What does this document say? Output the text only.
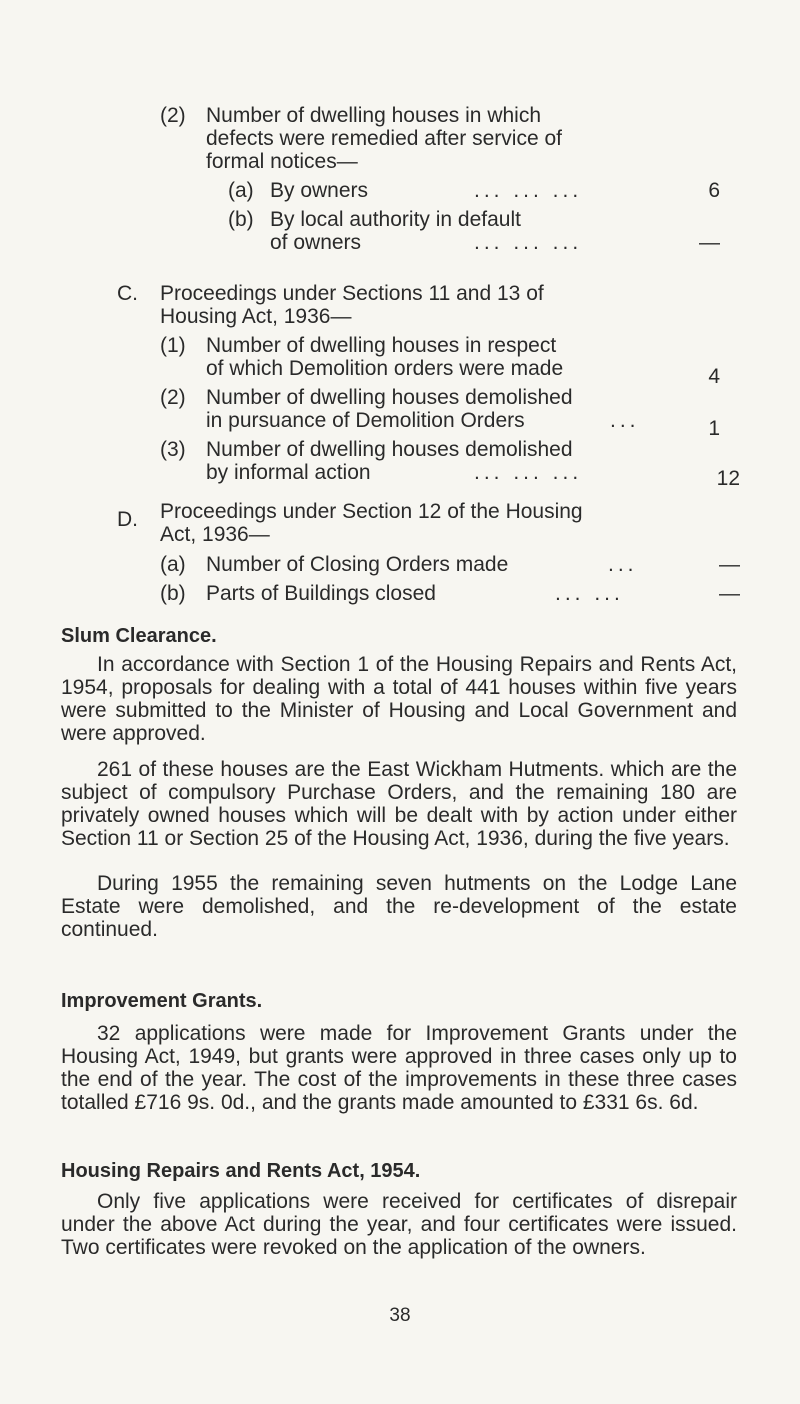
(2) Number of dwelling houses in which
defects were remedied after service of
formal notices—
(a) By owners	... ... ...	6
(b) By local authority in default
of owners	... ... ...	—
C. Proceedings under Sections 11 and 13 of
Housing Act, 1936—
(1) Number of dwelling houses in respect
of which Demolition orders were made	4
(2) Number of dwelling houses demolished
in pursuance of Demolition Orders	...	1
(3) Number of dwelling houses demolished
by informal action	... ... ...	12
D. Proceedings under Section 12 of the Housing
Act, 1936—
(a) Number of Closing Orders made	...	—
(b) Parts of Buildings closed	... ...	—
Slum Clearance.
In accordance with Section 1 of the Housing Repairs and Rents Act, 1954, proposals for dealing with a total of 441 houses within five years were submitted to the Minister of Housing and Local Government and were approved.
261 of these houses are the East Wickham Hutments. which are the subject of compulsory Purchase Orders, and the remaining 180 are privately owned houses which will be dealt with by action under either Section 11 or Section 25 of the Housing Act, 1936, during the five years.
During 1955 the remaining seven hutments on the Lodge Lane Estate were demolished, and the re-development of the estate continued.
Improvement Grants.
32 applications were made for Improvement Grants under the Housing Act, 1949, but grants were approved in three cases only up to the end of the year. The cost of the improvements in these three cases totalled £716 9s. 0d., and the grants made amounted to £331 6s. 6d.
Housing Repairs and Rents Act, 1954.
Only five applications were received for certificates of disrepair under the above Act during the year, and four certificates were issued. Two certificates were revoked on the application of the owners.
38
